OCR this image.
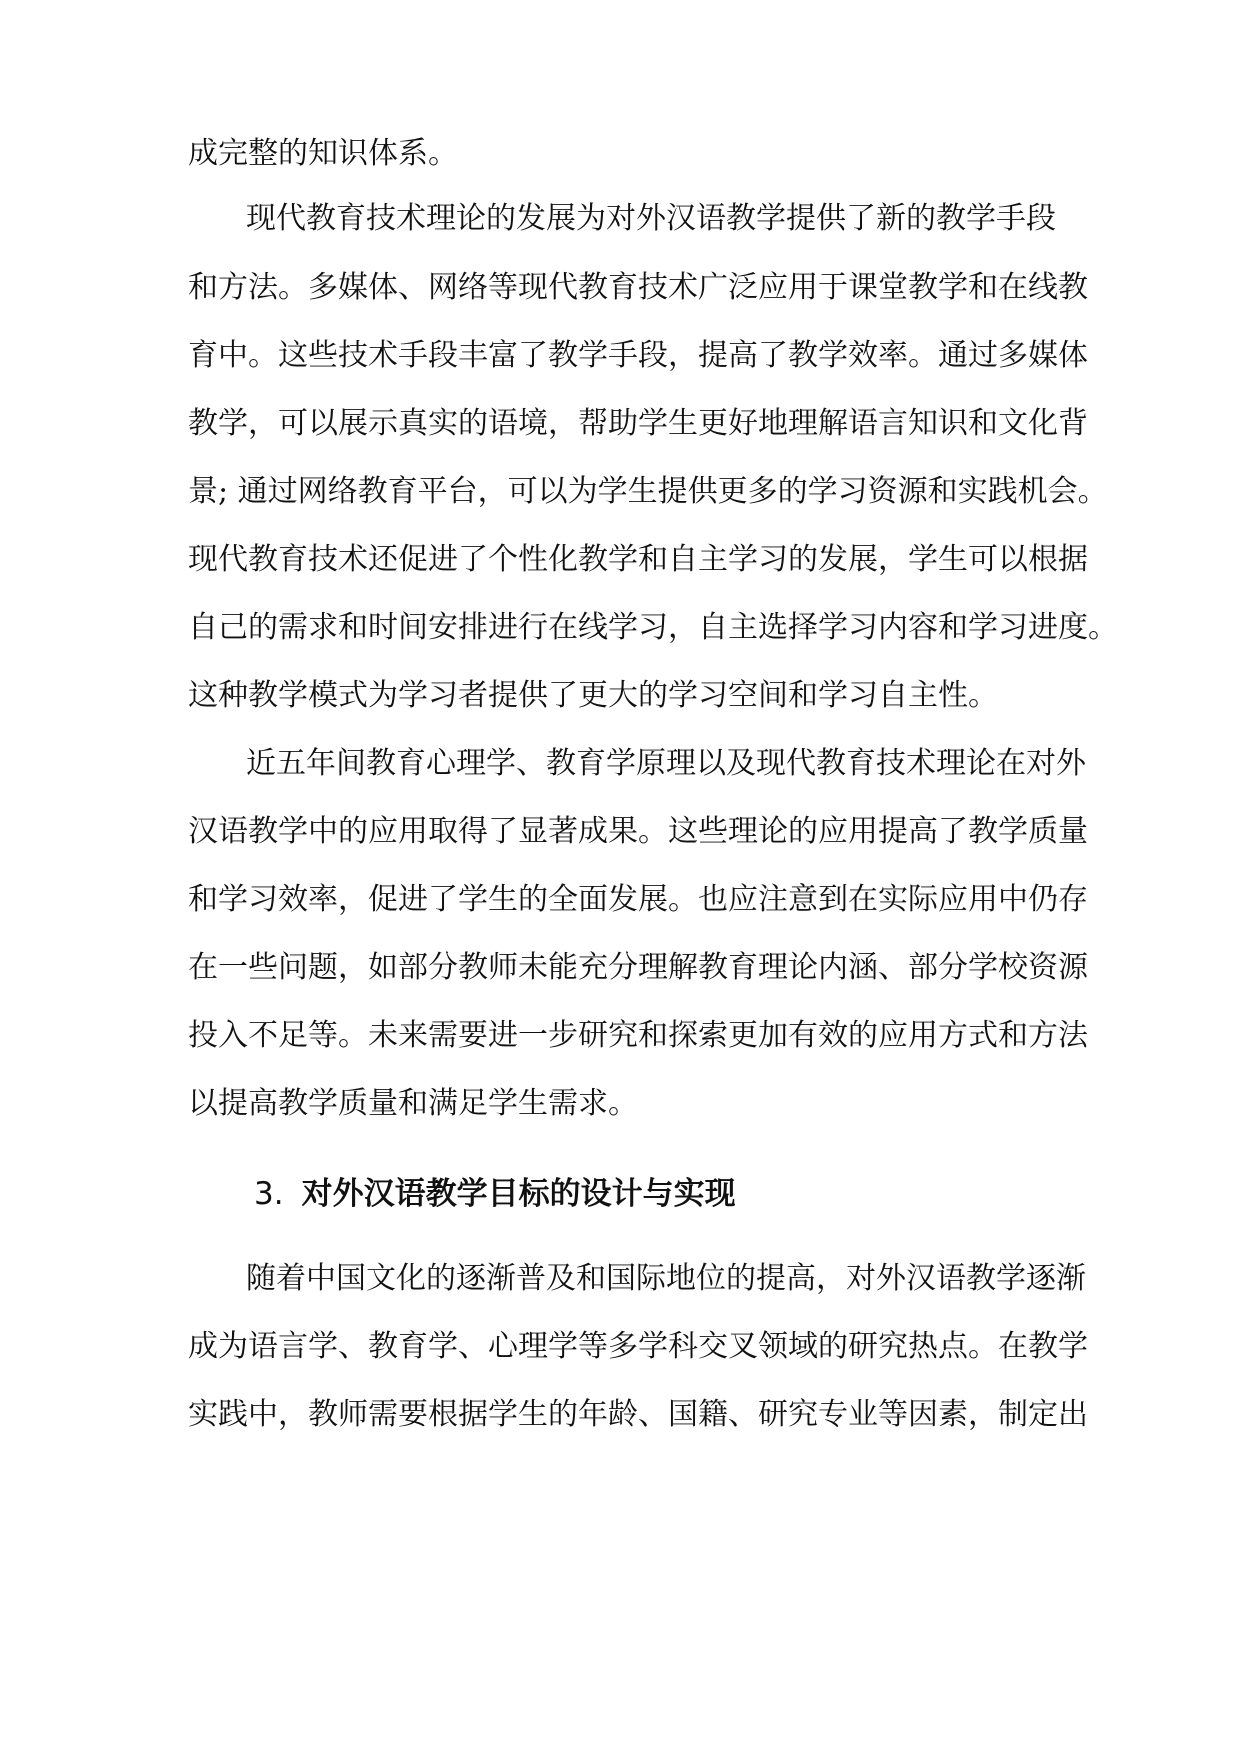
成完整的知识体系。
现代教育技术理论的发展为对外汉语教学提供了新的教学手段
和方法。多媒体、网络等现代教育技术广泛应用于课堂教学和在线教
育中。这些技术手段丰富了教学手段，提高了教学效率。通过多媒体
教学，可以展示真实的语境，帮助学生更好地理解语言知识和文化背
景; 通过网络教育平台，可以为学生提供更多的学习资源和实践机会。
现代教育技术还促进了个性化教学和自主学习的发展，学生可以根据
自己的需求和时间安排进行在线学习，自主选择学习内容和学习进度。
这种教学模式为学习者提供了更大的学习空间和学习自主性。
近五年间教育心理学、教育学原理以及现代教育技术理论在对外
汉语教学中的应用取得了显著成果。这些理论的应用提高了教学质量
和学习效率，促进了学生的全面发展。也应注意到在实际应用中仍存
在一些问题，如部分教师未能充分理解教育理论内涵、部分学校资源
投入不足等。未来需要进一步研究和探索更加有效的应用方式和方法
以提高教学质量和满足学生需求。
3. 对外汉语教学目标的设计与实现
随着中国文化的逐渐普及和国际地位的提高，对外汉语教学逐渐
成为语言学、教育学、心理学等多学科交叉领域的研究热点。在教学
实践中，教师需要根据学生的年龄、国籍、研究专业等因素，制定出
